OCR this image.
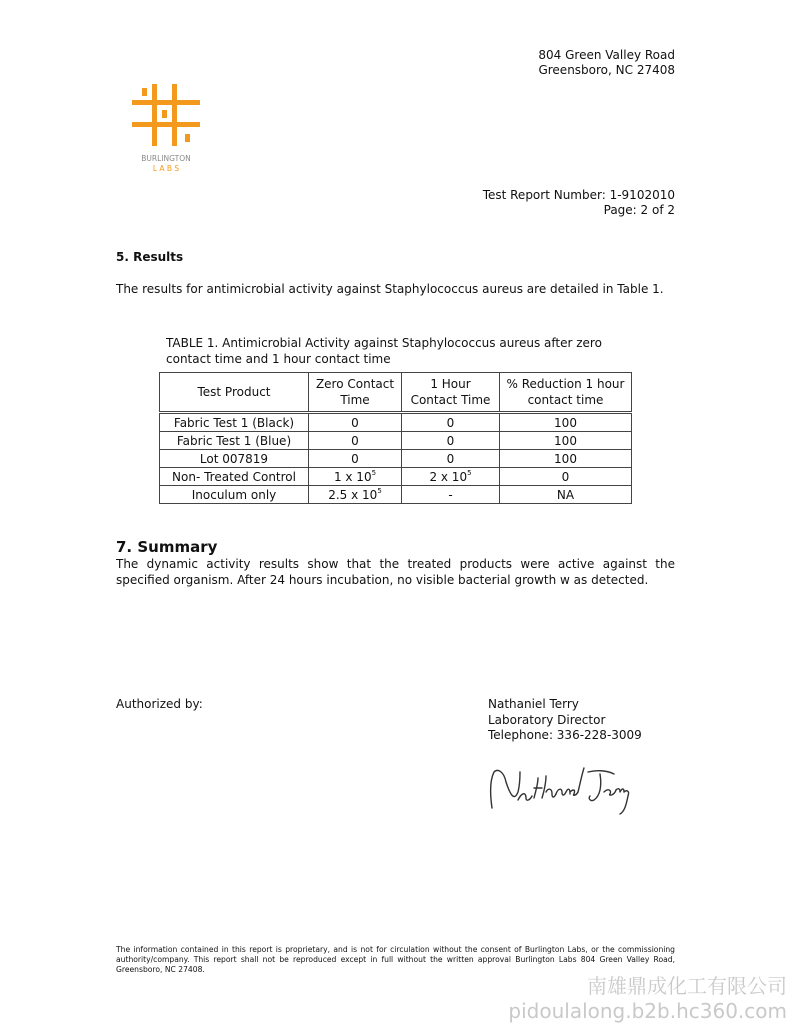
804 Green Valley Road
Greensboro, NC 27408
BURLINGTON
L A B S
Test Report Number: 1-9102010
Page: 2 of 2
5. Results
The results for antimicrobial activity against Staphylococcus aureus are detailed in Table 1.
TABLE 1. Antimicrobial Activity against Staphylococcus aureus after zero contact time and 1 hour contact time
Test Product	Zero Contact Time	1 Hour Contact Time	% Reduction 1 hour contact time
Fabric Test 1 (Black)	0	0	100
Fabric Test 1 (Blue)	0	0	100
Lot 007819	0	0	100
Non- Treated Control	1 x $10^5$	2 x $10^5$	0
Inoculum only	2.5 x $10^5$	-	NA
7. Summary
The dynamic activity results show that the treated products were active against the specified organism. After 24 hours incubation, no visible bacterial growth w as detected.
Authorized by:	Nathaniel Terry
Laboratory Director
Telephone: 336-228-3009
The information contained in this report is proprietary, and is not for circulation without the consent of Burlington Labs, or the commissioning authority/company. This report shall not be reproduced except in full without the written approval Burlington Labs 804 Green Valley Road, Greensboro, NC 27408.
南雄鼎成化工有限公司
pidoulalong.b2b.hc360.com
